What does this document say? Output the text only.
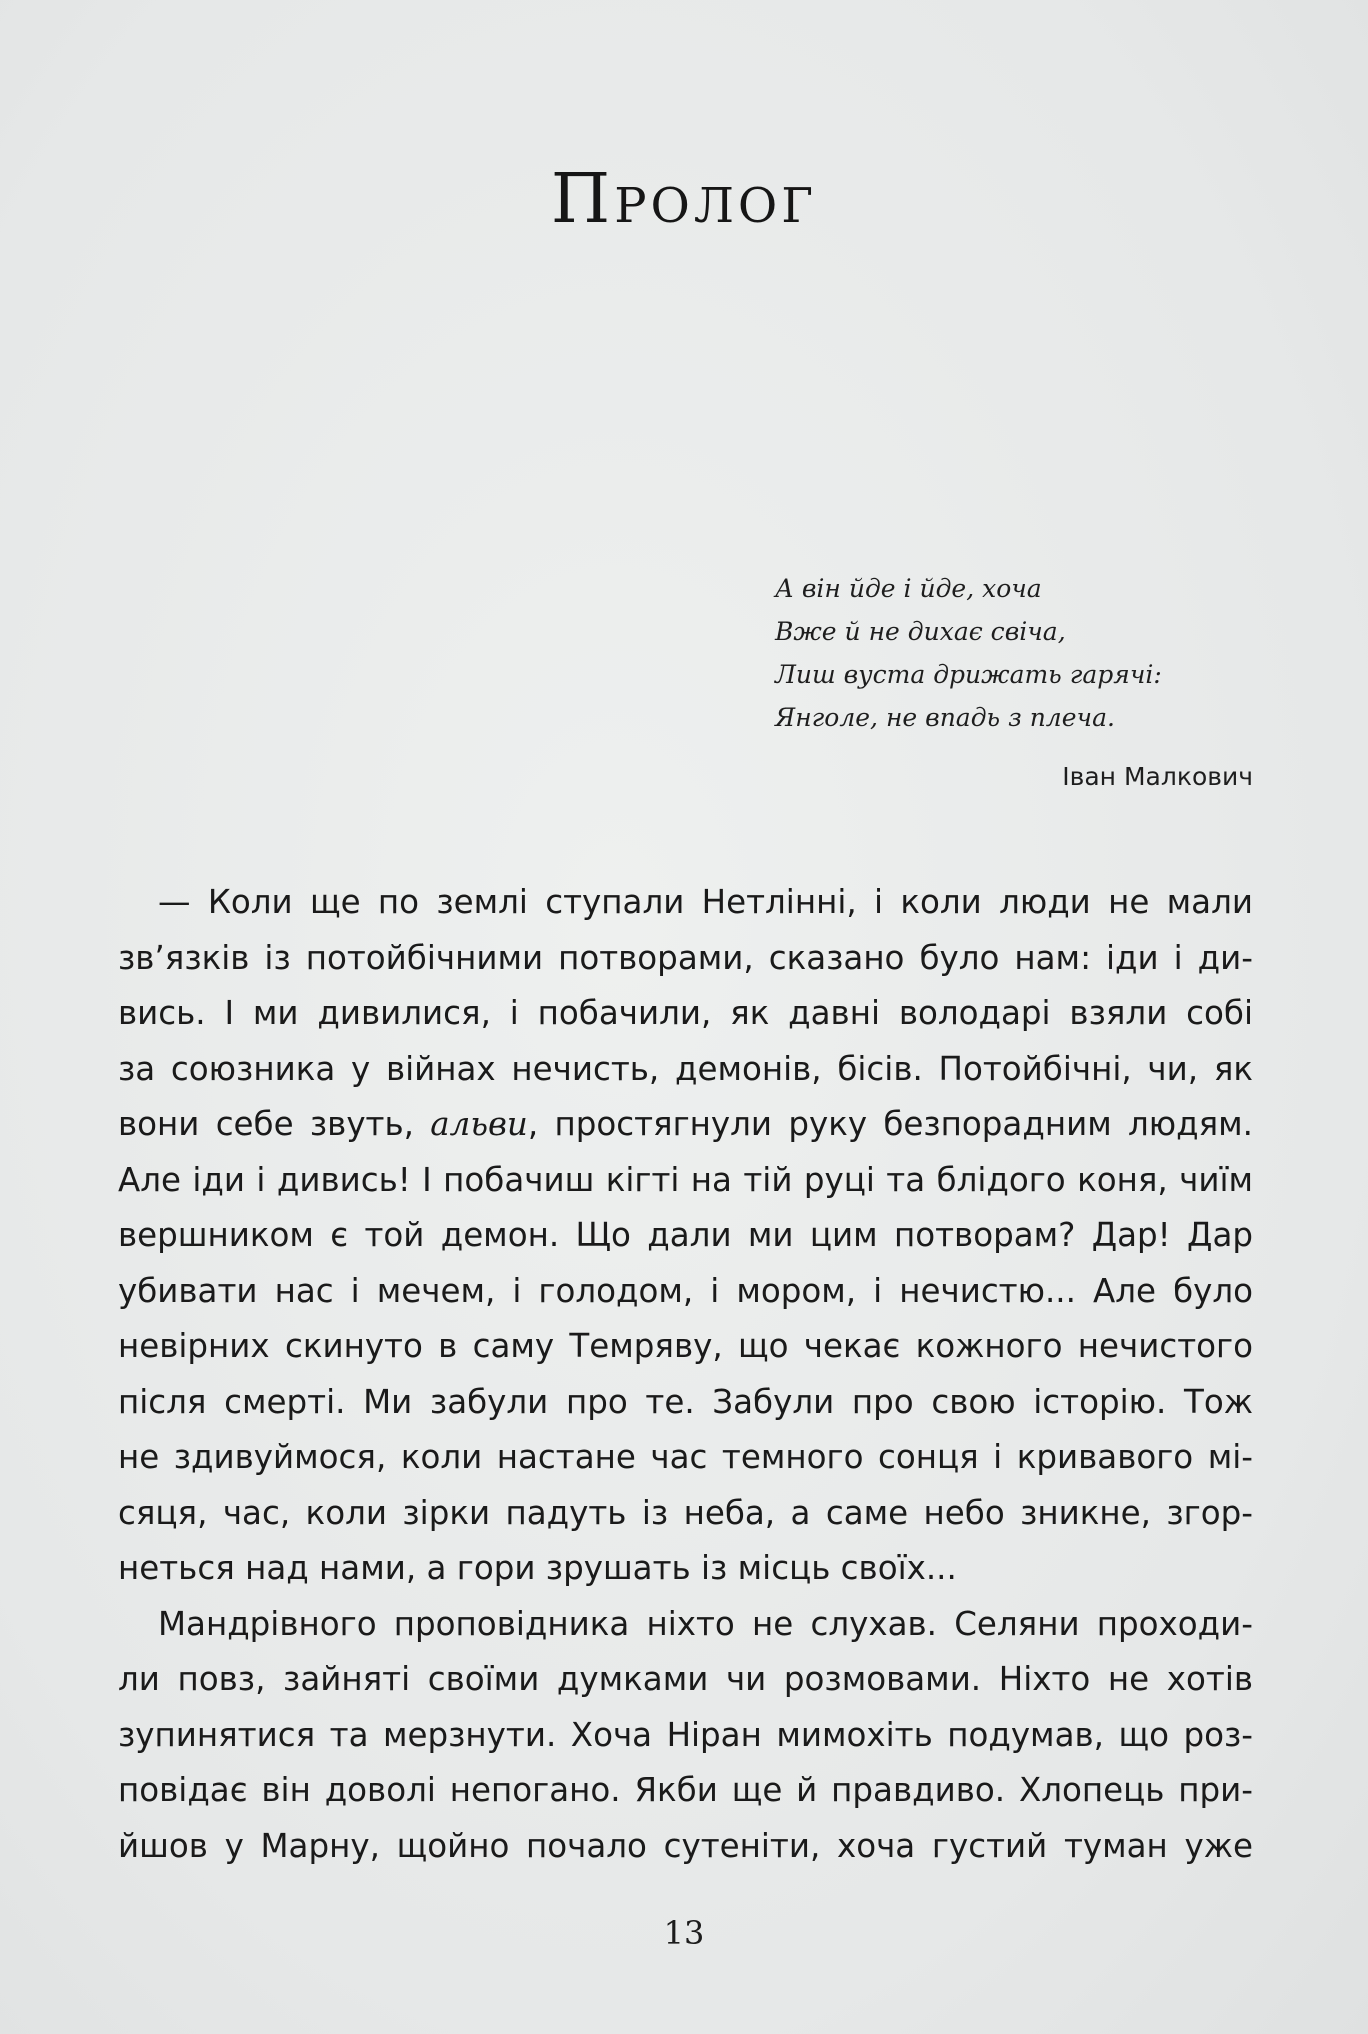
Пролог
А він йде і йде, хоча
Вже й не дихає свіча,
Лиш вуста дрижать гарячі:
Янголе, не впадь з плеча.
Іван Малкович
— Коли ще по землі ступали Нетлінні, і коли люди не мали
зв’язків із потойбічними потворами, сказано було нам: іди і ди-
вись. І ми дивилися, і побачили, як давні володарі взяли собі
за союзника у війнах нечисть, демонів, бісів. Потойбічні, чи, як
вони себе звуть, альви, простягнули руку безпорадним людям.
Але іди і дивись! І побачиш кігті на тій руці та блідого коня, чиїм
вершником є той демон. Що дали ми цим потворам? Дар! Дар
убивати нас і мечем, і голодом, і мором, і нечистю... Але було
невірних скинуто в саму Темряву, що чекає кожного нечистого
після смерті. Ми забули про те. Забули про свою історію. Тож
не здивуймося, коли настане час темного сонця і кривавого мі-
сяця, час, коли зірки падуть із неба, а саме небо зникне, згор-
неться над нами, а гори зрушать із місць своїх...
Мандрівного проповідника ніхто не слухав. Селяни проходи-
ли повз, зайняті своїми думками чи розмовами. Ніхто не хотів
зупинятися та мерзнути. Хоча Ніран мимохіть подумав, що роз-
повідає він доволі непогано. Якби ще й правдиво. Хлопець при-
йшов у Марну, щойно почало сутеніти, хоча густий туман уже
13
